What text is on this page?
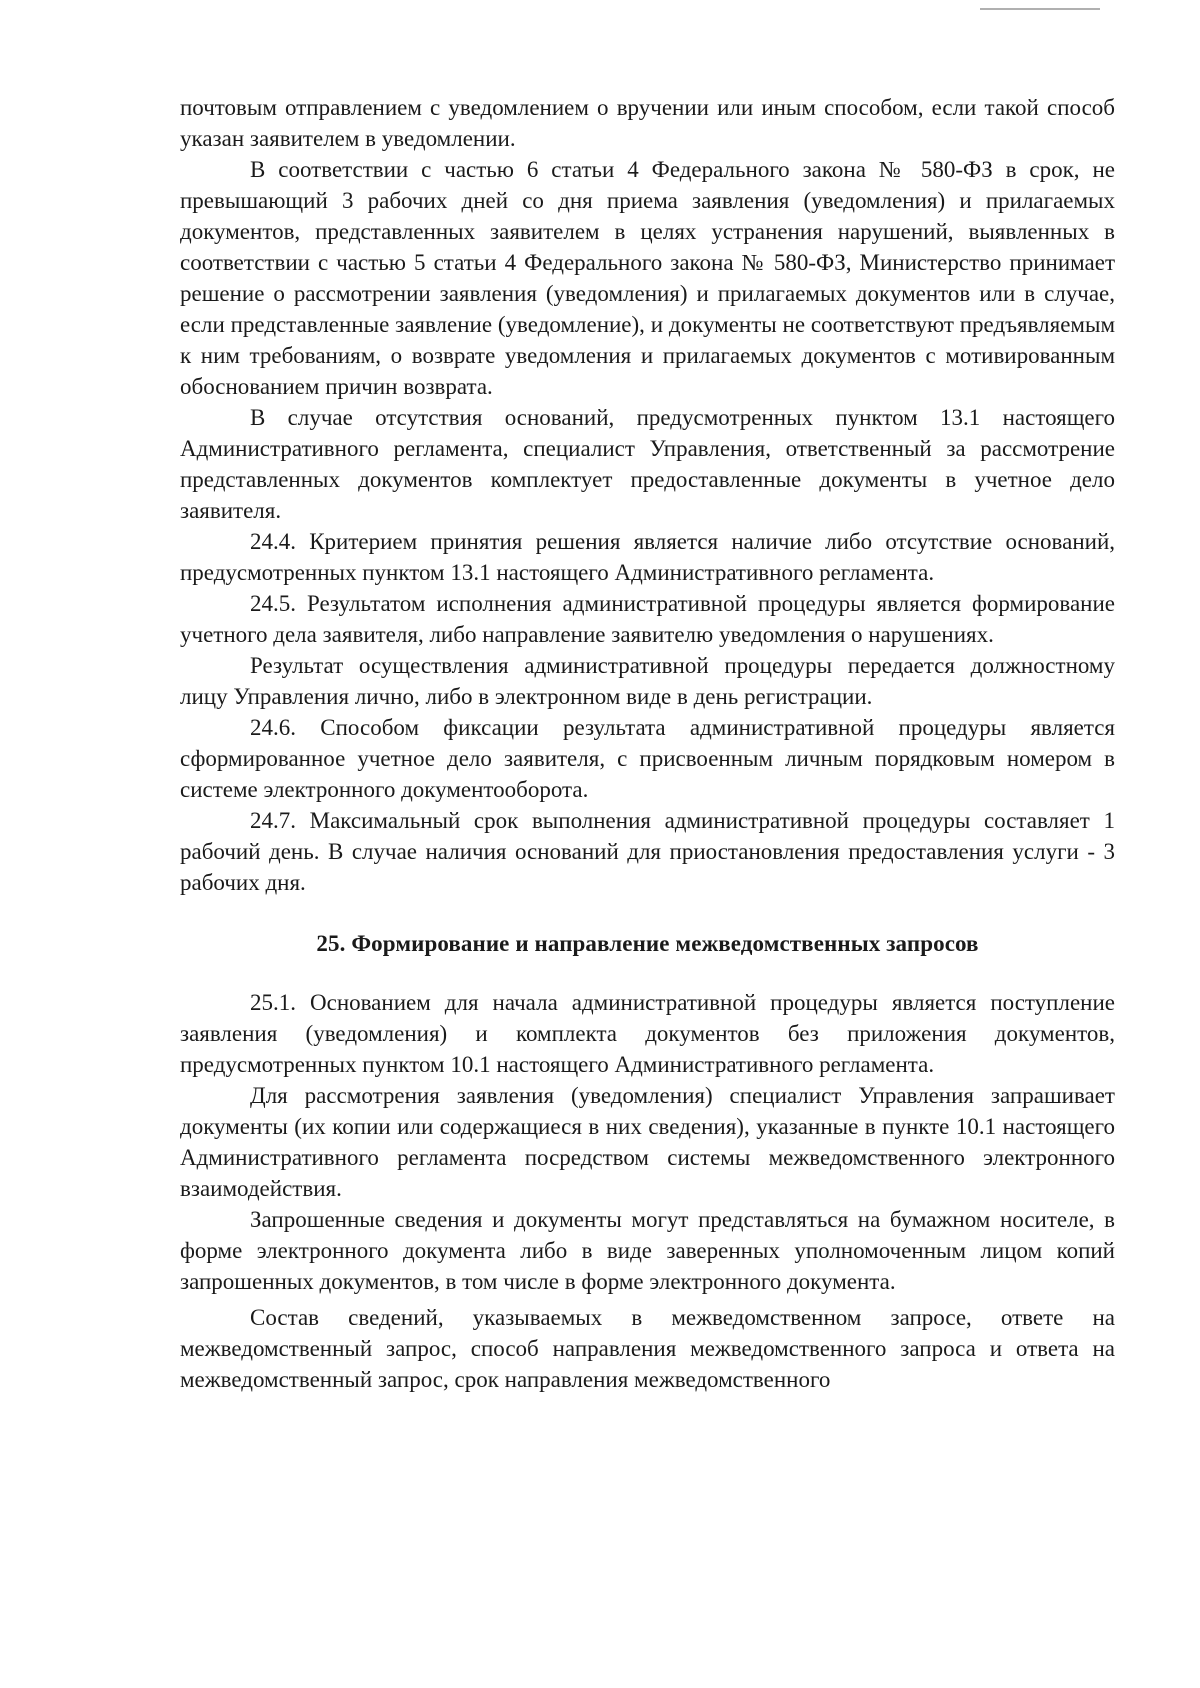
почтовым отправлением с уведомлением о вручении или иным способом, если такой способ указан заявителем в уведомлении.

В соответствии с частью 6 статьи 4 Федерального закона № 580-ФЗ в срок, не превышающий 3 рабочих дней со дня приема заявления (уведомления) и прилагаемых документов, представленных заявителем в целях устранения нарушений, выявленных в соответствии с частью 5 статьи 4 Федерального закона № 580-ФЗ, Министерство принимает решение о рассмотрении заявления (уведомления) и прилагаемых документов или в случае, если представленные заявление (уведомление), и документы не соответствуют предъявляемым к ним требованиям, о возврате уведомления и прилагаемых документов с мотивированным обоснованием причин возврата.

В случае отсутствия оснований, предусмотренных пунктом 13.1 настоящего Административного регламента, специалист Управления, ответственный за рассмотрение представленных документов комплектует предоставленные документы в учетное дело заявителя.

24.4. Критерием принятия решения является наличие либо отсутствие оснований, предусмотренных пунктом 13.1 настоящего Административного регламента.

24.5. Результатом исполнения административной процедуры является формирование учетного дела заявителя, либо направление заявителю уведомления о нарушениях.

Результат осуществления административной процедуры передается должностному лицу Управления лично, либо в электронном виде в день регистрации.

24.6. Способом фиксации результата административной процедуры является сформированное учетное дело заявителя, с присвоенным личным порядковым номером в системе электронного документооборота.

24.7. Максимальный срок выполнения административной процедуры составляет 1 рабочий день. В случае наличия оснований для приостановления предоставления услуги - 3 рабочих дня.

25. Формирование и направление межведомственных запросов

25.1. Основанием для начала административной процедуры является поступление заявления (уведомления) и комплекта документов без приложения документов, предусмотренных пунктом 10.1 настоящего Административного регламента.

Для рассмотрения заявления (уведомления) специалист Управления запрашивает документы (их копии или содержащиеся в них сведения), указанные в пункте 10.1 настоящего Административного регламента посредством системы межведомственного электронного взаимодействия.

Запрошенные сведения и документы могут представляться на бумажном носителе, в форме электронного документа либо в виде заверенных уполномоченным лицом копий запрошенных документов, в том числе в форме электронного документа.

Состав сведений, указываемых в межведомственном запросе, ответе на межведомственный запрос, способ направления межведомственного запроса и ответа на межведомственный запрос, срок направления межведомственного
